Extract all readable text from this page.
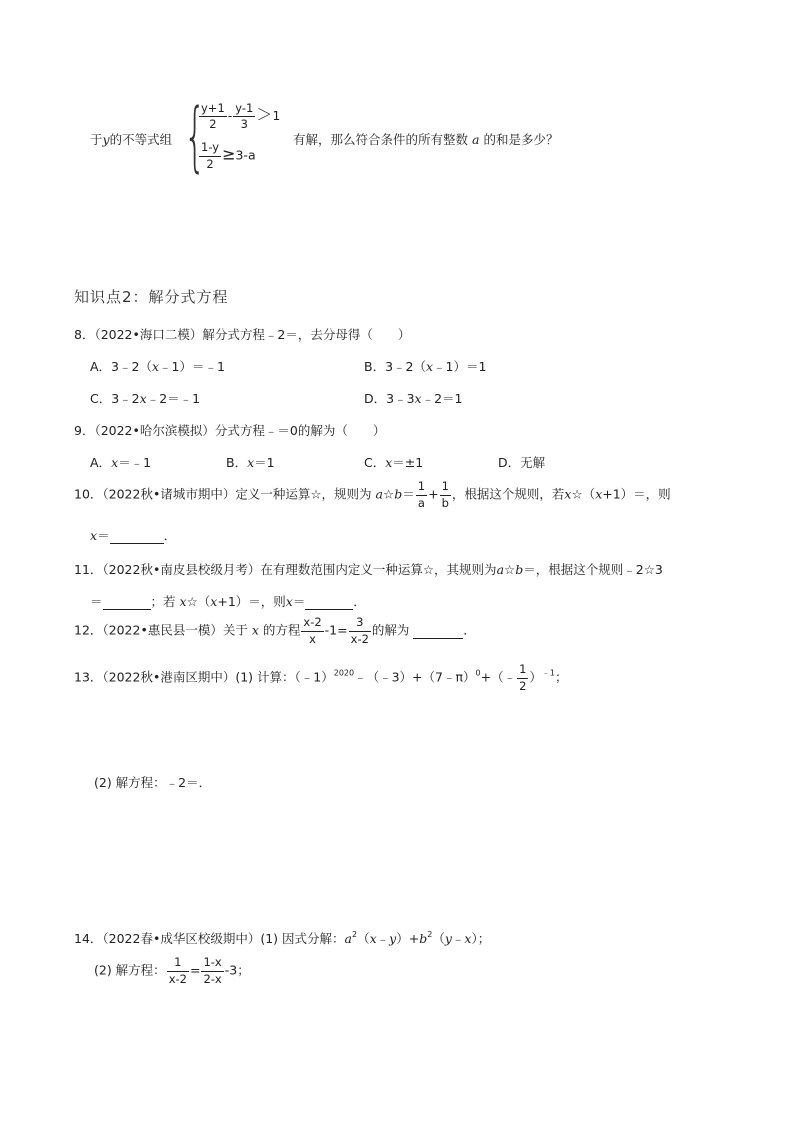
于y的不等式组 {
$\frac{y+1}{2} - \frac{y-1}{3} >1$
$\frac{1-y}{2} \ge 3-a$
有解，那么符合条件的所有整数 a 的和是多少？
知识点2：解分式方程
8．（2022•海口二模）解分式方程﹣2＝，去分母得（　　）
A．3﹣2（x﹣1）＝﹣1	B．3﹣2（x﹣1）＝1
C．3﹣2x﹣2＝﹣1	D．3﹣3x﹣2＝1
9．（2022•哈尔滨模拟）分式方程﹣＝0的解为（　　）
A．x＝﹣1	B．x＝1	C．x＝±1	D．无解
10．（2022秋•诸城市期中）定义一种运算☆，规则为 a☆b＝ $\frac{1}{a} + \frac{1}{b}$ ，根据这个规则，若x☆（x+1）＝，则
x＝	．
11．（2022秋•南皮县校级月考）在有理数范围内定义一种运算☆，其规则为a☆b＝，根据这个规则﹣2☆3
＝	；若 x☆（x+1）＝，则x＝	．
12．（2022•惠民县一模）关于 x 的方程 $\frac{x-2}{x} -1= \frac{3}{x-2}$ 的解为	．
13．（2022秋•港南区期中）(1) 计算：（﹣1）$^{2020}$﹣（﹣3）+（7﹣π）$^0$+（﹣ $\frac{1}{2} )^{﹣1}$；
(2) 解方程：﹣2＝．
14．（2022春•成华区校级期中）(1) 因式分解：$a^2(x﹣y)+b^2(y﹣x)$；
(2) 解方程： $\frac{1}{x-2} = \frac{1-x}{2-x} -3$；
